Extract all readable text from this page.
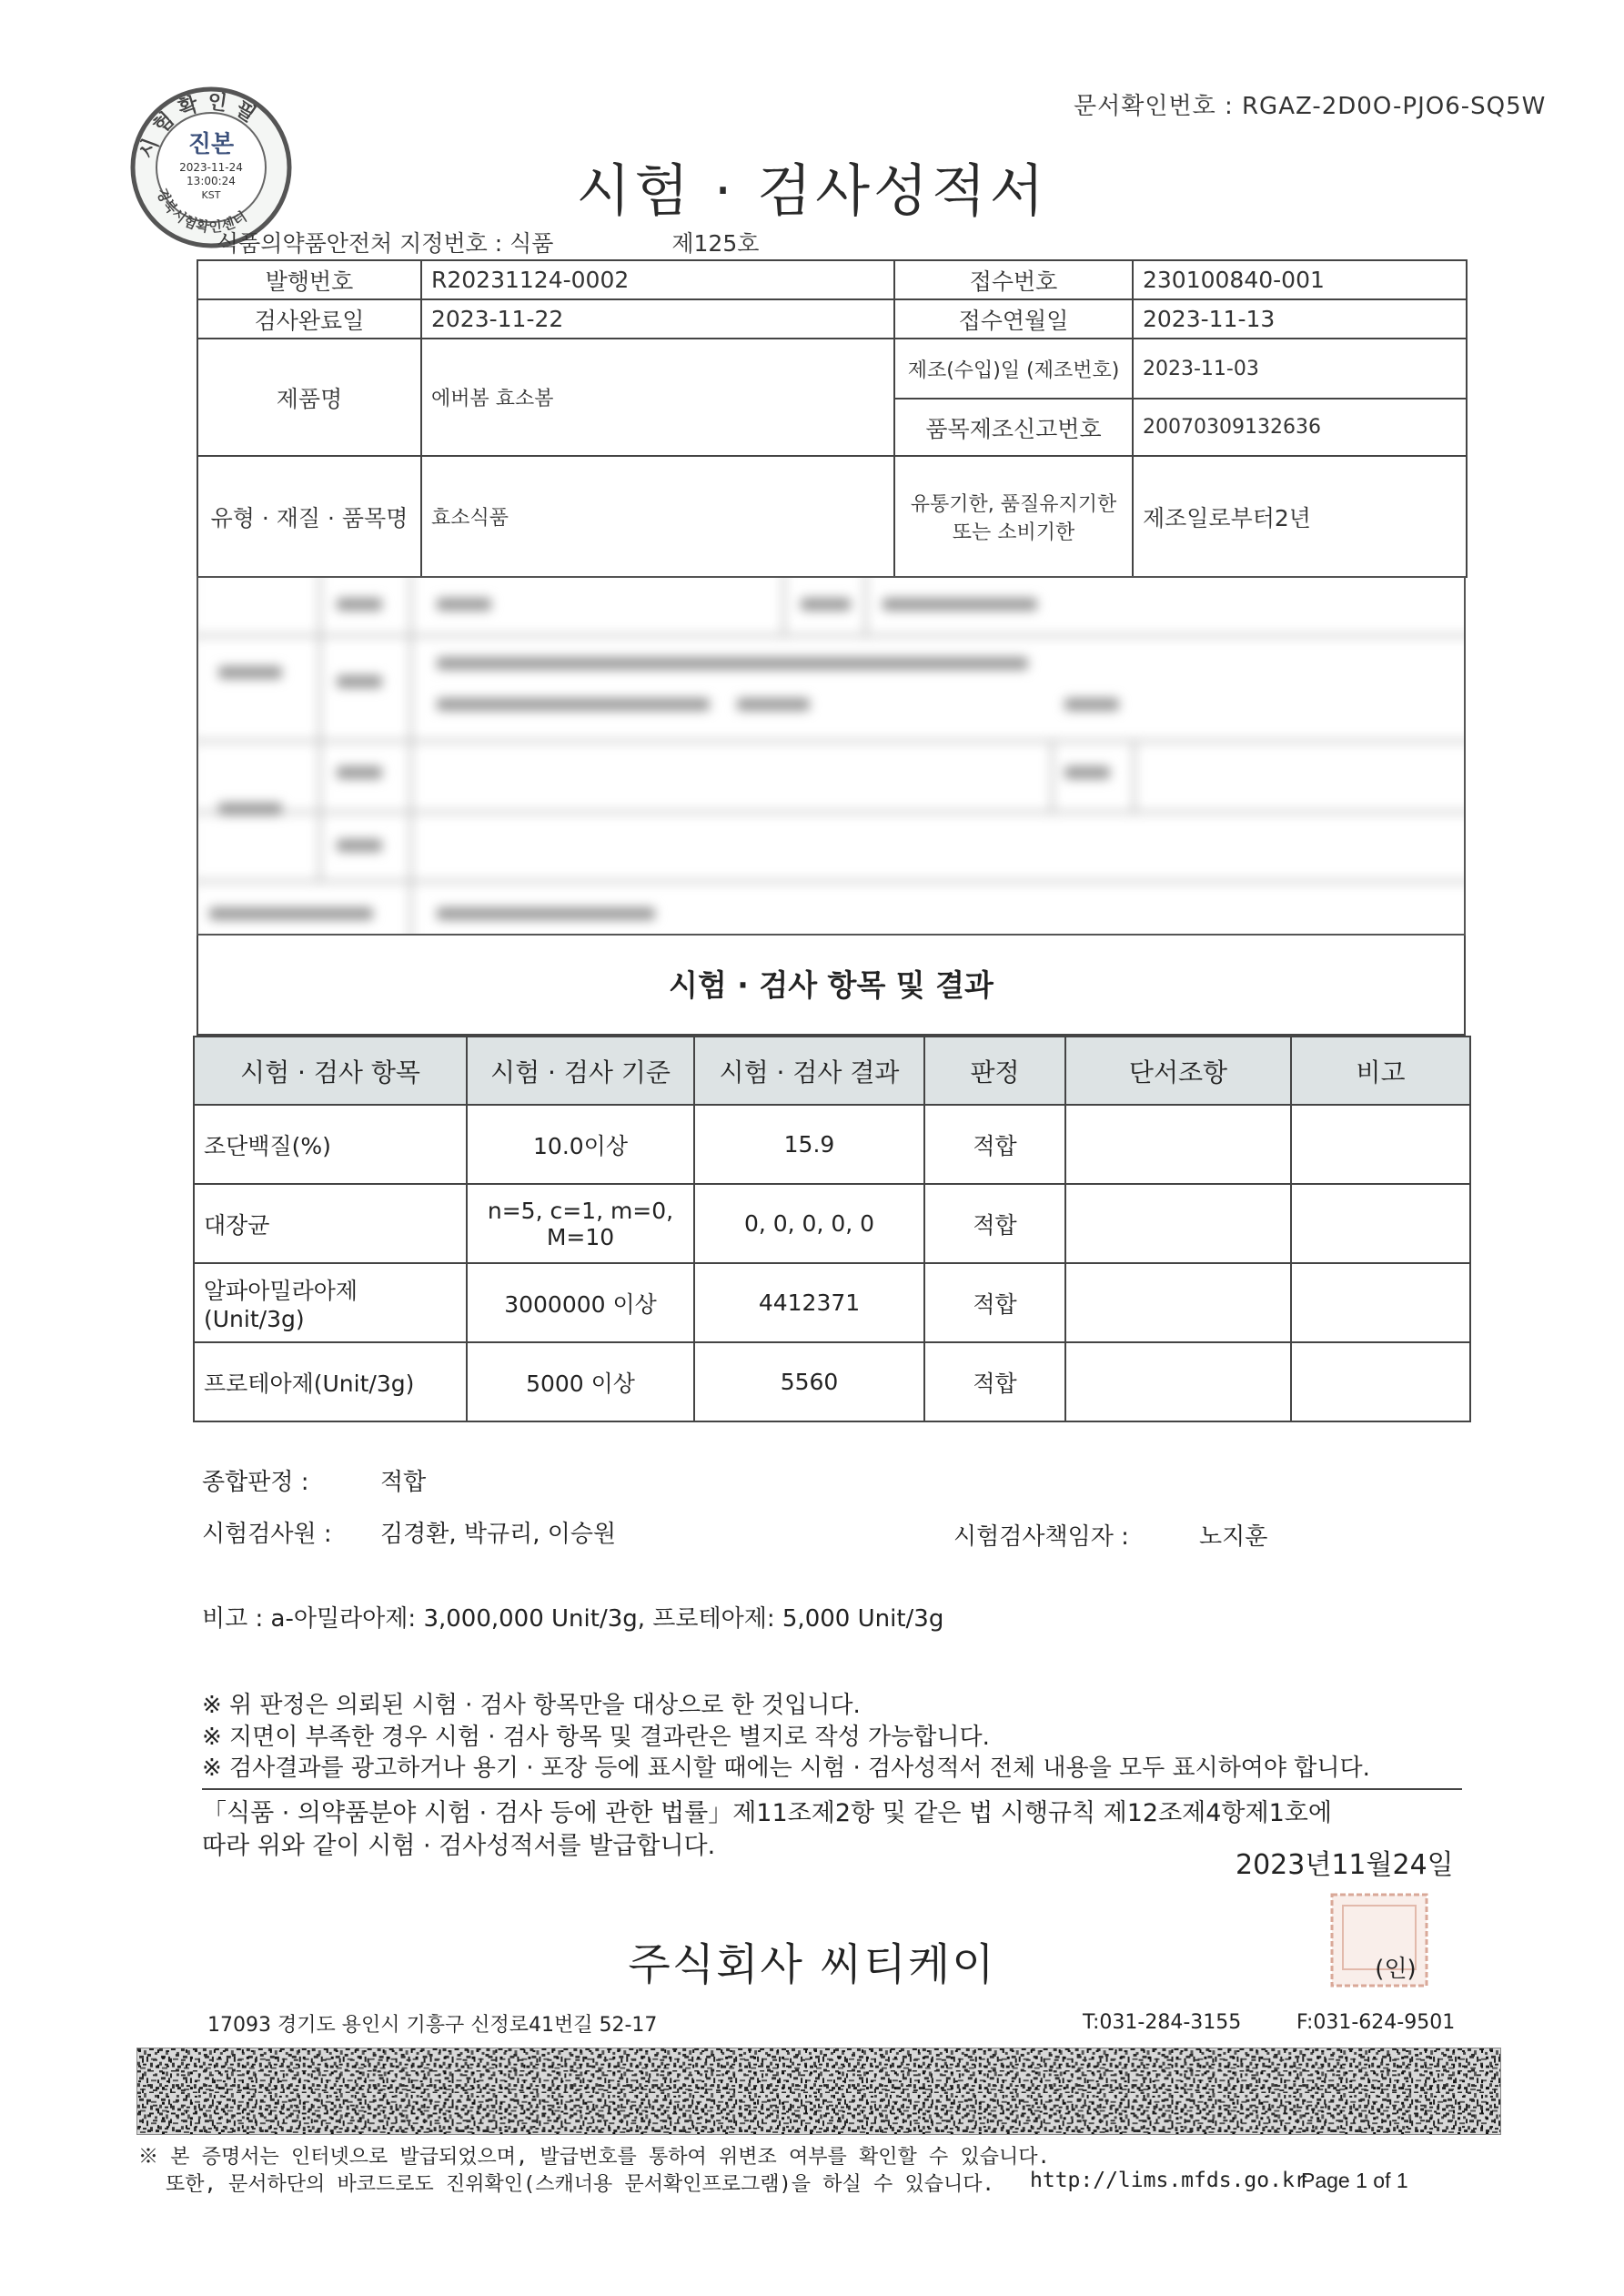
문서확인번호 : RGAZ-2D0O-PJO6-SQ5W
시험확인필
경북시험확인센터
진본
2023-11-24
13:00:24
KST	시험 · 검사성적서
식품의약품안전처 지정번호 : 식품	제125호
발행번호	R20231124-0002	접수번호	230100840-001
검사완료일	2023-11-22	접수연월일	2023-11-13
제품명	에버봄 효소봄	제조(수입)일 (제조번호)	2023-11-03
		품목제조신고번호	20070309132636
유형 · 재질 · 품목명	효소식품	유통기한, 품질유지기한
또는 소비기한	제조일로부터2년
시험 · 검사 항목 및 결과
시험 · 검사 항목	시험 · 검사 기준	시험 · 검사 결과	판정	단서조항	비고
조단백질(%)	10.0이상	15.9	적합		
대장균	n=5, c=1, m=0,
M=10	0, 0, 0, 0, 0	적합		

알파아밀라아제
(Unit/3g)	3000000 이상	4412371	적합		
프로테아제(Unit/3g)	5000 이상	5560	적합		
종합판정 :	적합
시험검사원 : 김경환, 박규리, 이승원	시험검사책임자 :	노지훈
비고 : a-아밀라아제: 3,000,000 Unit/3g, 프로테아제: 5,000 Unit/3g
※ 위 판정은 의뢰된 시험 · 검사 항목만을 대상으로 한 것입니다.
※ 지면이 부족한 경우 시험 · 검사 항목 및 결과란은 별지로 작성 가능합니다.
※ 검사결과를 광고하거나 용기 · 포장 등에 표시할 때에는 시험 · 검사성적서 전체 내용을 모두 표시하여야 합니다.
「식품 · 의약품분야 시험 · 검사 등에 관한 법률」제11조제2항 및 같은 법 시행규칙 제12조제4항제1호에
따라 위와 같이 시험 · 검사성적서를 발급합니다.
2023년11월24일
주식회사 씨티케이	(인)
17093 경기도 용인시 기흥구 신정로41번길 52-17	T:031-284-3155	F:031-624-9501
※ 본 증명서는 인터넷으로 발급되었으며, 발급번호를 통하여 위변조 여부를 확인할 수 있습니다.
또한, 문서하단의 바코드로도 진위확인(스캐너용 문서확인프로그램)을 하실 수 있습니다. http://lims.mfds.go.kr
Page 1 of 1
